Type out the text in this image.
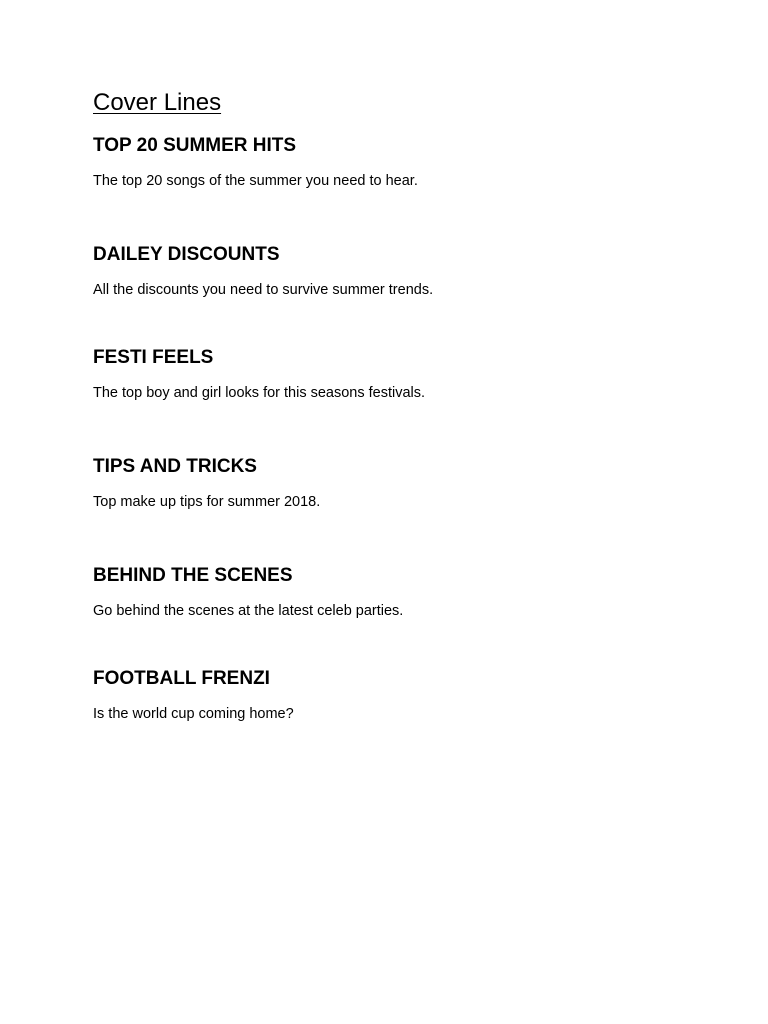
Cover Lines
TOP 20 SUMMER HITS

The top 20 songs of the summer you need to hear.

DAILEY DISCOUNTS

All the discounts you need to survive summer trends.

FESTI FEELS

The top boy and girl looks for this seasons festivals.

TIPS AND TRICKS

Top make up tips for summer 2018.

BEHIND THE SCENES

Go behind the scenes at the latest celeb parties.

FOOTBALL FRENZI

Is the world cup coming home?
